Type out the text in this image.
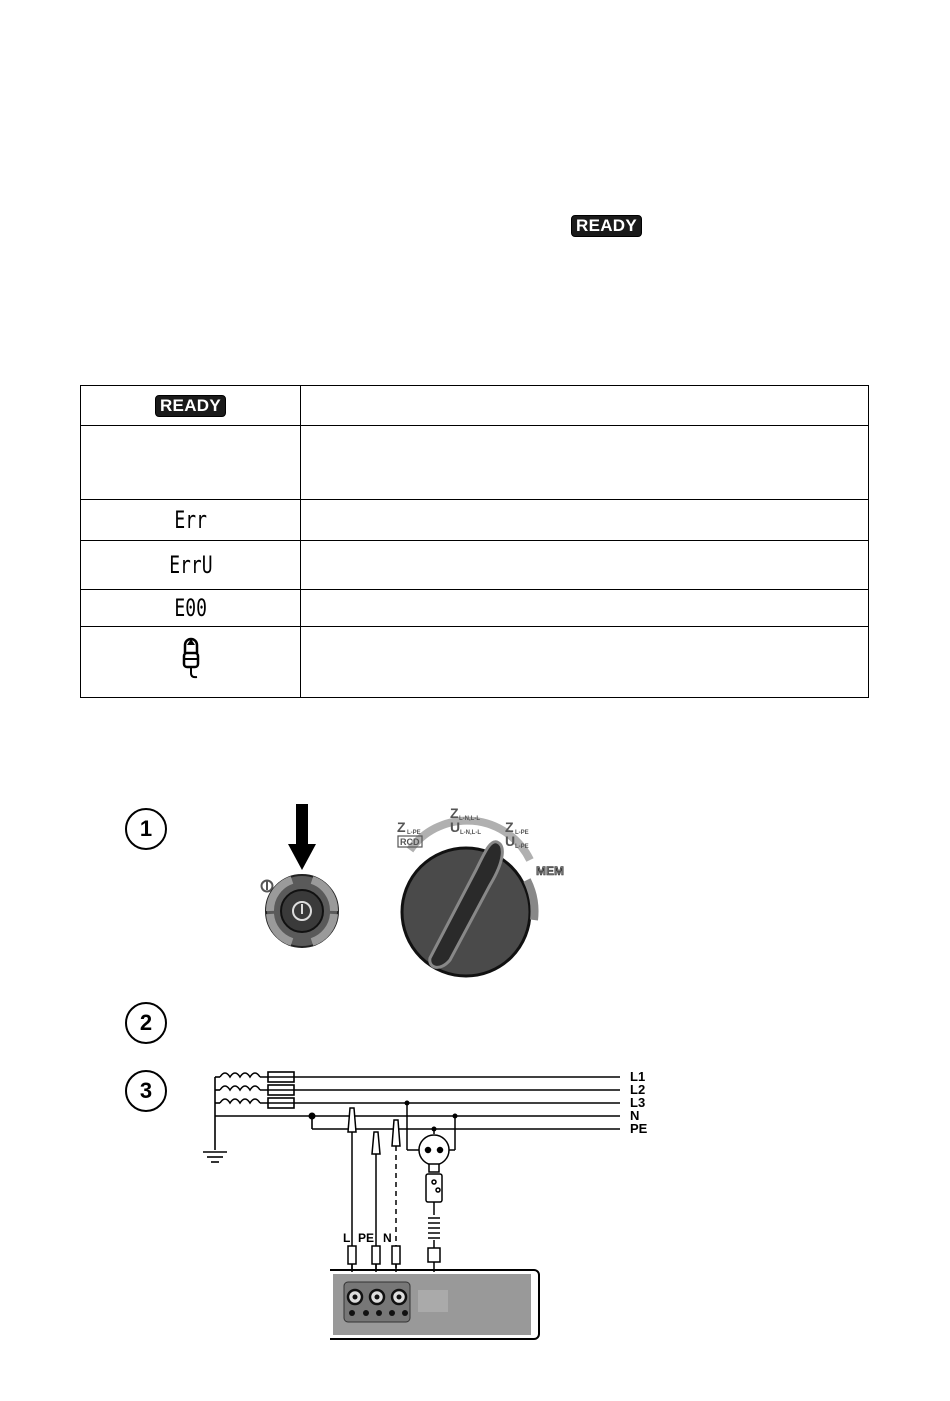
READY
READY	

Err	
ErrU	
E00	

1
2
3
Z L-PE
RCD
Z L-N,L-L
U L-N,L-L Z L-PE
U L-PE
MEM
L1
L2
L3
N
PE
L PE N
